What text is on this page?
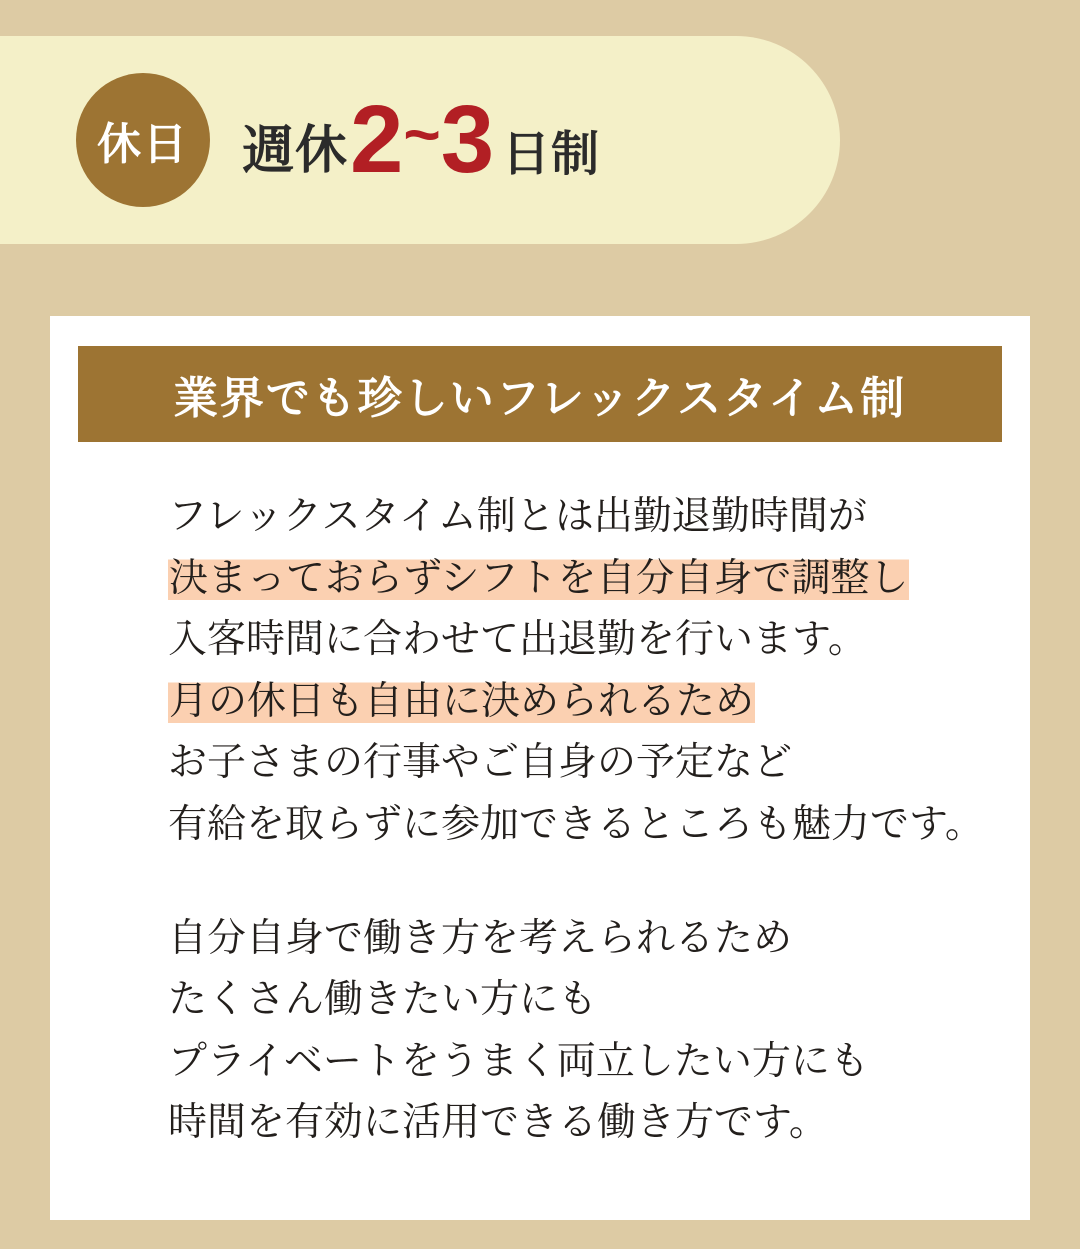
休日	週休 2 ~ 3 日制
業界でも珍しいフレックスタイム制

フレックスタイム制とは出勤退勤時間が

決まっておらずシフトを自分自身で調整し

入客時間に合わせて出退勤を行います。

月の休日も自由に決められるため

お子さまの行事やご自身の予定など

有給を取らずに参加できるところも魅力です。

自分自身で働き方を考えられるため

たくさん働きたい方にも

プライベートをうまく両立したい方にも

時間を有効に活用できる働き方です。
